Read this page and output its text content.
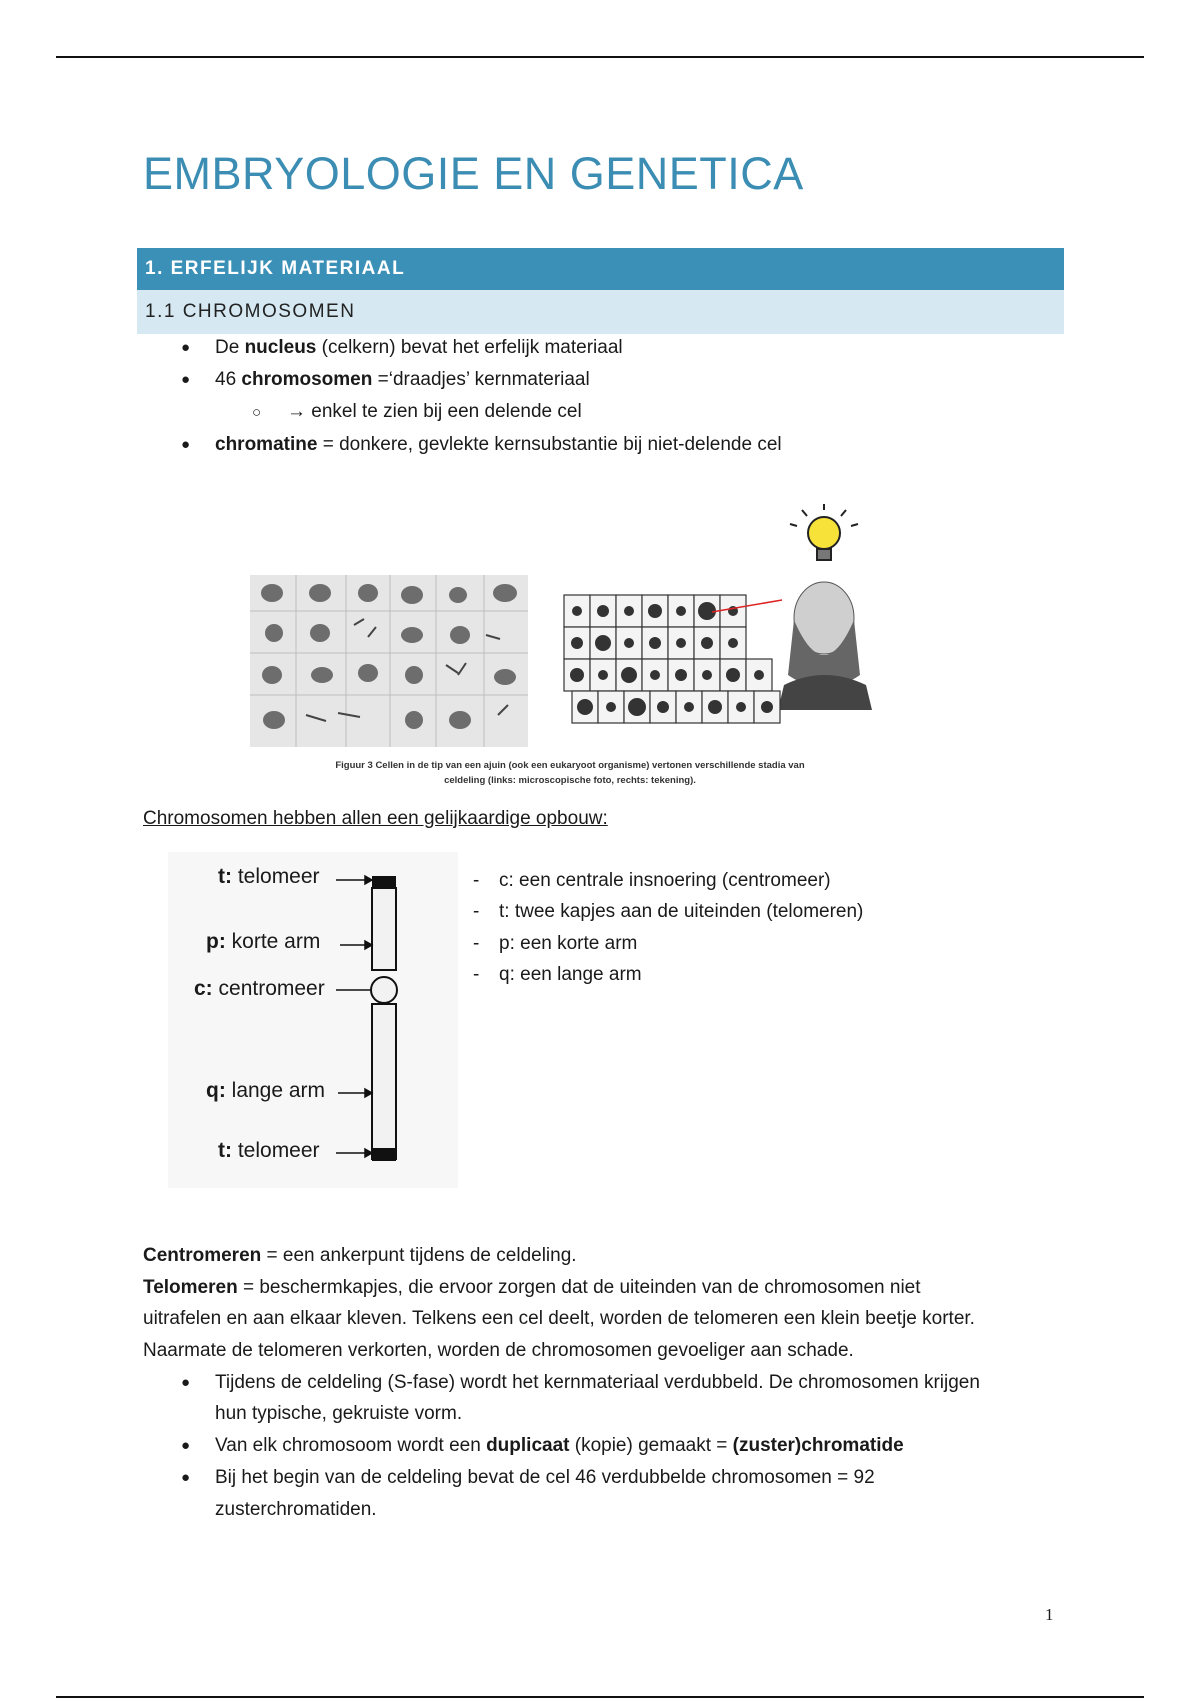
EMBRYOLOGIE EN GENETICA
1. ERFELIJK MATERIAAL
1.1 CHROMOSOMEN
● De nucleus (celkern) bevat het erfelijk materiaal
● 46 chromosomen =‘draadjes’ kernmateriaal
○ → enkel te zien bij een delende cel
● chromatine = donkere, gevlekte kernsubstantie bij niet-delende cel
Figuur 3 Cellen in de tip van een ajuin (ook een eukaryoot organisme) vertonen verschillende stadia van
celdeling (links: microscopische foto, rechts: tekening).
Chromosomen hebben allen een gelijkaardige opbouw:
t: telomeer
p: korte arm
c: centromeer
q: lange arm
t: telomeer
- c: een centrale insnoering (centromeer)
- t: twee kapjes aan de uiteinden (telomeren)
- p: een korte arm
- q: een lange arm
Centromeren = een ankerpunt tijdens de celdeling.
Telomeren = beschermkapjes, die ervoor zorgen dat de uiteinden van de chromosomen niet
uitrafelen en aan elkaar kleven. Telkens een cel deelt, worden de telomeren een klein beetje korter.
Naarmate de telomeren verkorten, worden de chromosomen gevoeliger aan schade.
● Tijdens de celdeling (S-fase) wordt het kernmateriaal verdubbeld. De chromosomen krijgen
hun typische, gekruiste vorm.
● Van elk chromosoom wordt een duplicaat (kopie) gemaakt = (zuster)chromatide
● Bij het begin van de celdeling bevat de cel 46 verdubbelde chromosomen = 92
zusterchromatiden.
1
